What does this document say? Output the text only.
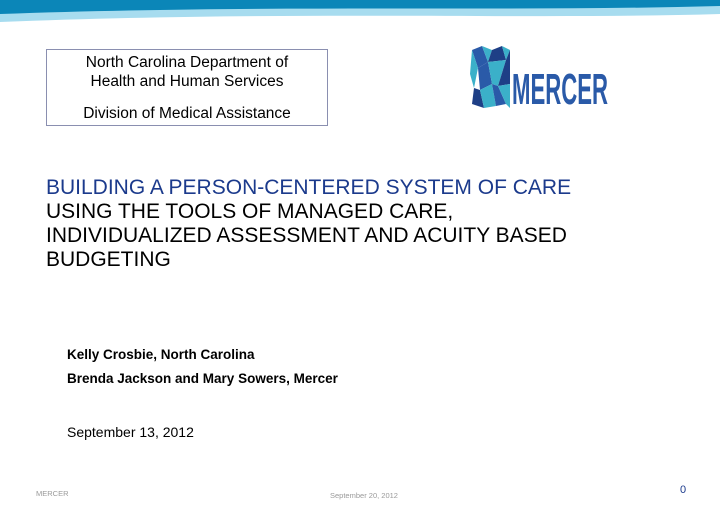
North Carolina Department of
Health and Human Services
Division of Medical Assistance	MERCER
BUILDING A PERSON-CENTERED SYSTEM OF CARE
USING THE TOOLS OF MANAGED CARE,
INDIVIDUALIZED ASSESSMENT AND ACUITY BASED
BUDGETING
Kelly Crosbie, North Carolina
Brenda Jackson and Mary Sowers, Mercer
September 13, 2012
MERCER	September 20, 2012	0
